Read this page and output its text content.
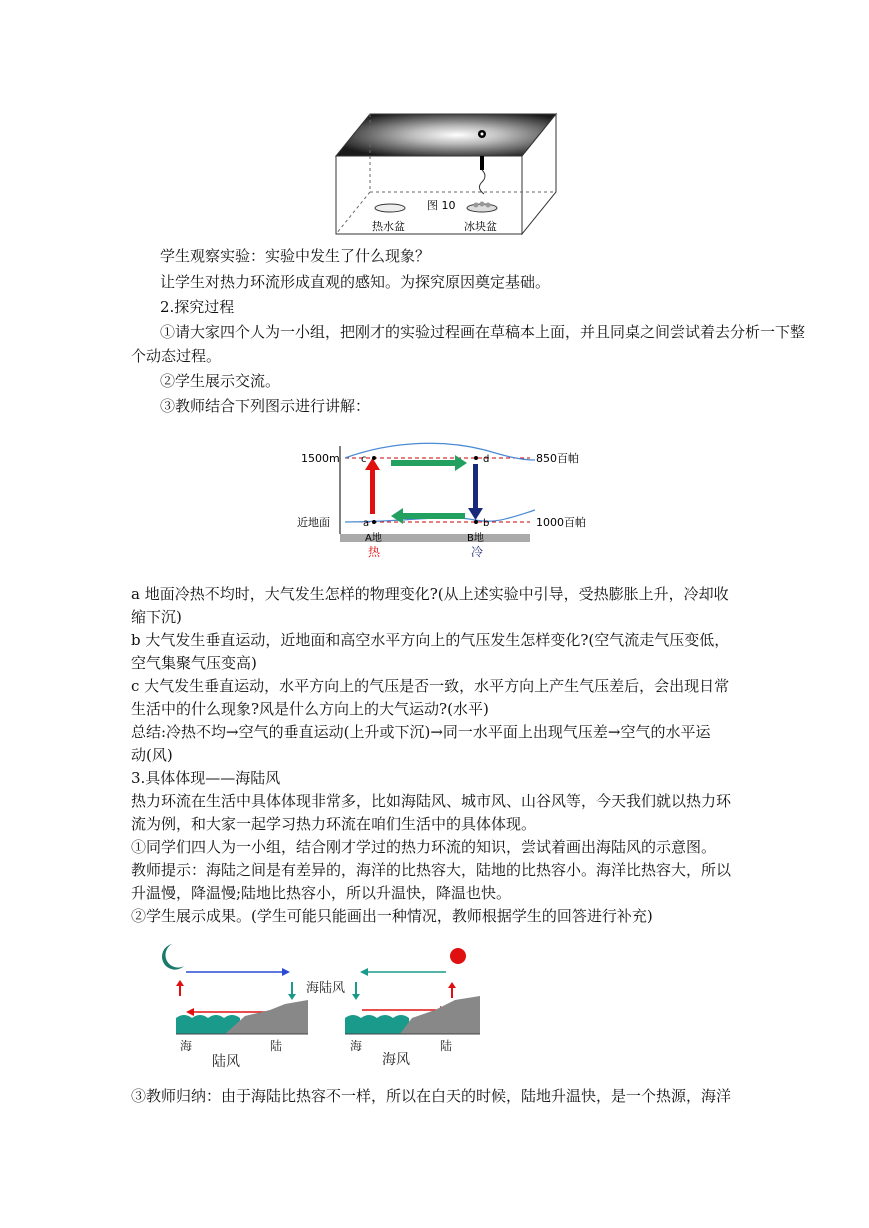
图 10
热水盆	冰块盆
学生观察实验：实验中发生了什么现象？
让学生对热力环流形成直观的感知。为探究原因奠定基础。
2.探究过程
①请大家四个人为一小组，把刚才的实验过程画在草稿本上面，并且同桌之间尝试着去分析一下整
个动态过程。
②学生展示交流。
③教师结合下列图示进行讲解：
c	d
a	b
1500m
近地面
850百帕
1000百帕
A地	B地
热	冷
a 地面冷热不均时，大气发生怎样的物理变化?(从上述实验中引导，受热膨胀上升，冷却收
缩下沉)
b 大气发生垂直运动，近地面和高空水平方向上的气压发生怎样变化?(空气流走气压变低，
空气集聚气压变高)
c 大气发生垂直运动，水平方向上的气压是否一致，水平方向上产生气压差后，会出现日常
生活中的什么现象?风是什么方向上的大气运动?(水平)
总结:冷热不均→空气的垂直运动(上升或下沉)→同一水平面上出现气压差→空气的水平运
动(风)
3.具体体现——海陆风
热力环流在生活中具体体现非常多，比如海陆风、城市风、山谷风等，今天我们就以热力环
流为例，和大家一起学习热力环流在咱们生活中的具体体现。
①同学们四人为一小组，结合刚才学过的热力环流的知识，尝试着画出海陆风的示意图。
教师提示：海陆之间是有差异的，海洋的比热容大，陆地的比热容小。海洋比热容大，所以
升温慢，降温慢;陆地比热容小，所以升温快，降温也快。
②学生展示成果。(学生可能只能画出一种情况，教师根据学生的回答进行补充)
海陆风
海	陆
陆风
海	陆
海风
③教师归纳：由于海陆比热容不一样，所以在白天的时候，陆地升温快，是一个热源，海洋
